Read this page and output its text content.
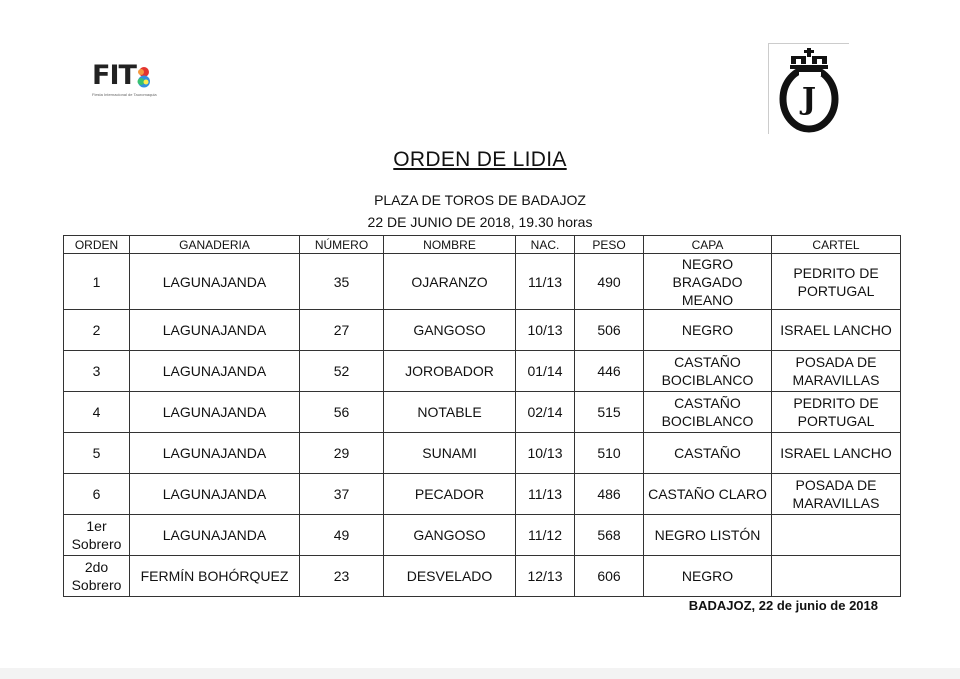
FIT
Fiesta Internacional de Tauromaquia	J
ORDEN DE LIDIA
PLAZA DE TOROS DE BADAJOZ
22 DE JUNIO DE 2018, 19.30 horas
ORDEN	GANADERIA	NÚMERO	NOMBRE	NAC.	PESO	CAPA	CARTEL
1	LAGUNAJANDA	35	OJARANZO	11/13	490	NEGRO BRAGADO MEANO	PEDRITO DE PORTUGAL
2	LAGUNAJANDA	27	GANGOSO	10/13	506	NEGRO	ISRAEL LANCHO
3	LAGUNAJANDA	52	JOROBADOR	01/14	446	CASTAÑO BOCIBLANCO	POSADA DE MARAVILLAS
4	LAGUNAJANDA	56	NOTABLE	02/14	515	CASTAÑO BOCIBLANCO	PEDRITO DE PORTUGAL
5	LAGUNAJANDA	29	SUNAMI	10/13	510	CASTAÑO	ISRAEL LANCHO
6	LAGUNAJANDA	37	PECADOR	11/13	486	CASTAÑO CLARO	POSADA DE MARAVILLAS
1er Sobrero	LAGUNAJANDA	49	GANGOSO	11/12	568	NEGRO LISTÓN	
2do Sobrero	FERMÍN BOHÓRQUEZ	23	DESVELADO	12/13	606	NEGRO	
BADAJOZ, 22 de junio de 2018
